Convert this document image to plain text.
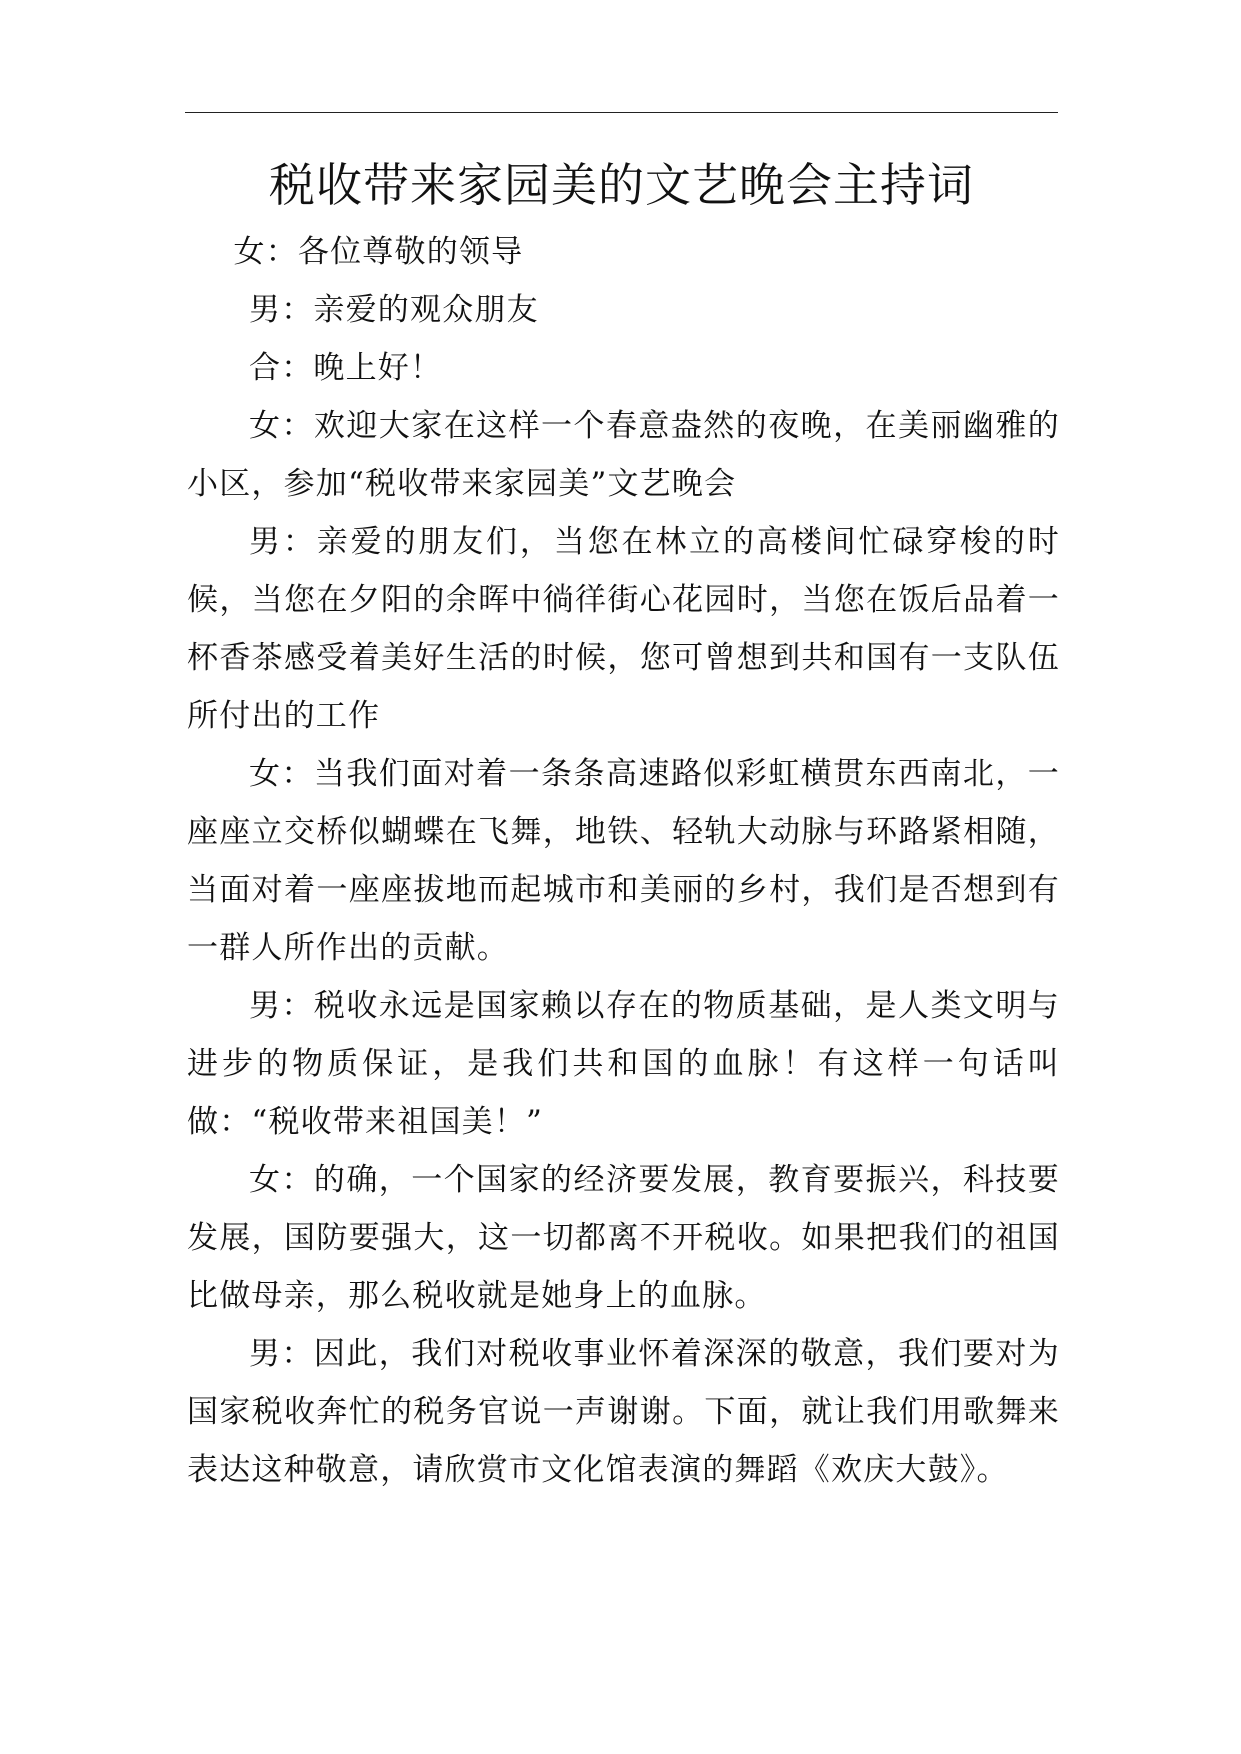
税收带来家园美的文艺晚会主持词

女：各位尊敬的领导

男：亲爱的观众朋友

合：晚上好！

女：欢迎大家在这样一个春意盎然的夜晚，在美丽幽雅的小区，参加“税收带来家园美”文艺晚会

男：亲爱的朋友们，当您在林立的高楼间忙碌穿梭的时候，当您在夕阳的余晖中徜徉街心花园时，当您在饭后品着一杯香茶感受着美好生活的时候，您可曾想到共和国有一支队伍所付出的工作

女：当我们面对着一条条高速路似彩虹横贯东西南北，一座座立交桥似蝴蝶在飞舞，地铁、轻轨大动脉与环路紧相随，当面对着一座座拔地而起城市和美丽的乡村，我们是否想到有一群人所作出的贡献。

男：税收永远是国家赖以存在的物质基础，是人类文明与进步的物质保证，是我们共和国的血脉！有这样一句话叫做：“税收带来祖国美！”

女：的确，一个国家的经济要发展，教育要振兴，科技要发展，国防要强大，这一切都离不开税收。如果把我们的祖国比做母亲，那么税收就是她身上的血脉。

男：因此，我们对税收事业怀着深深的敬意，我们要对为国家税收奔忙的税务官说一声谢谢。下面，就让我们用歌舞来表达这种敬意，请欣赏市文化馆表演的舞蹈《欢庆大鼓》。
